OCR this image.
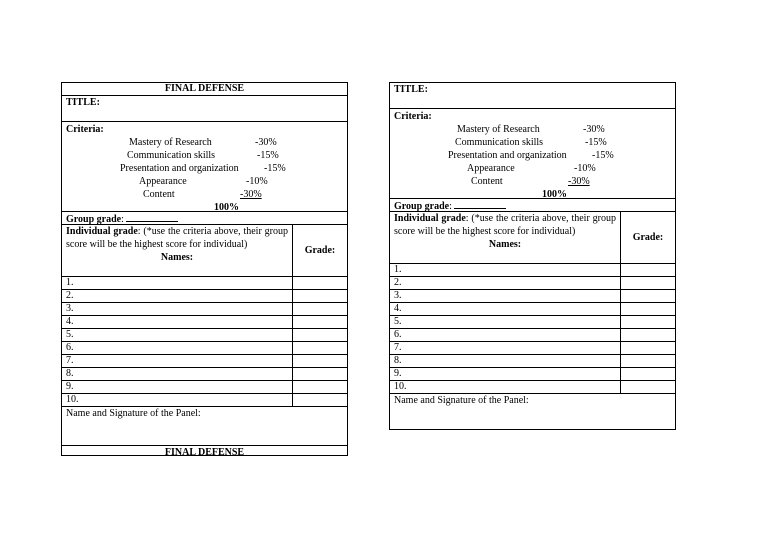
FINAL DEFENSE
TITLE:
Criteria:
Mastery of Research	-30%
Communication skills	-15%
Presentation and organization	-15%
Appearance	-10%
Content	-30%
100%
Group grade:
Individual grade: (*use the criteria above, their group score will be the highest score for individual)
Names:
Grade:
1.
2.
3.
4.
5.
6.
7.
8.
9.
10.
Name and Signature of the Panel:
FINAL DEFENSE
TITLE:
Criteria:
Mastery of Research	-30%
Communication skills	-15%
Presentation and organization	-15%
Appearance	-10%
Content	-30%
100%
Group grade:
Individual grade: (*use the criteria above, their group score will be the highest score for individual)
Names:
Grade:
1.
2.
3.
4.
5.
6.
7.
8.
9.
10.
Name and Signature of the Panel:
